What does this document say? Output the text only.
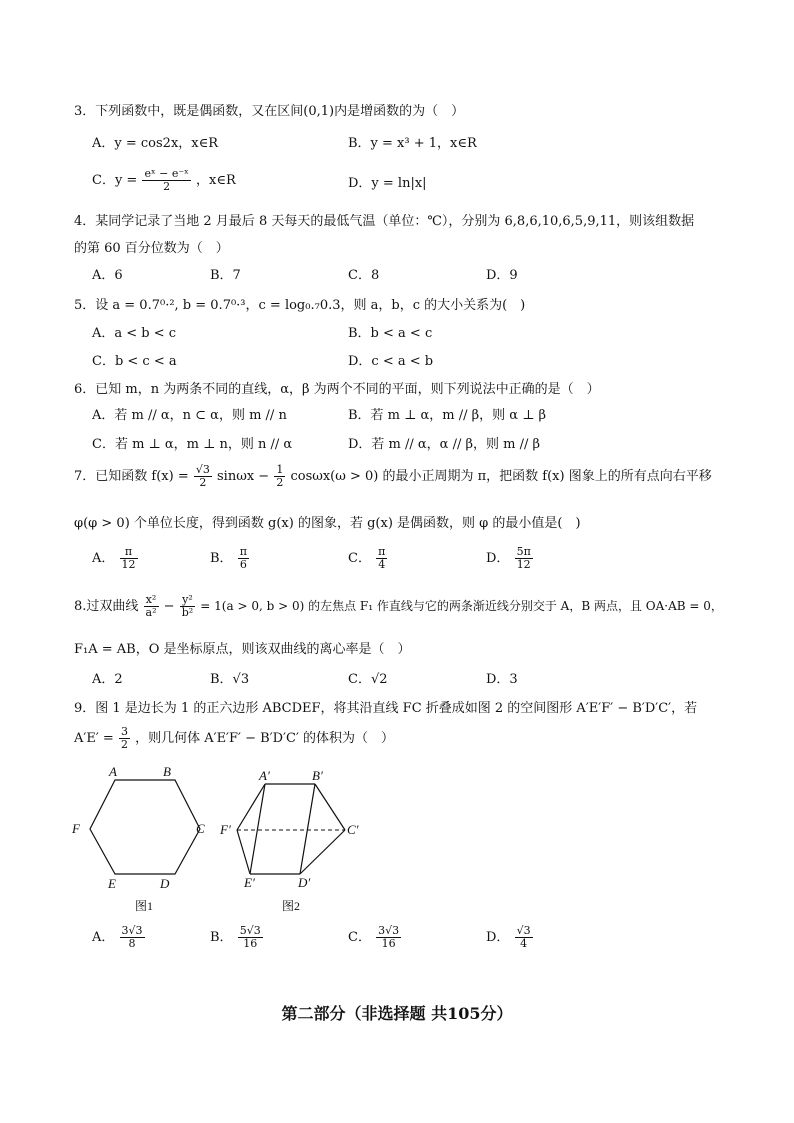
3．下列函数中，既是偶函数，又在区间(0,1)内是增函数的为（　）
A．y = cos2x，x∈R	B．y = x³ + 1，x∈R
C．$y = \frac{\text{eˣ − e⁻ˣ}}{2}$ ，x∈R	D．y = ln|x|
4．某同学记录了当地 2 月最后 8 天每天的最低气温（单位：℃），分别为 6,8,6,10,6,5,9,11，则该组数据
的第 60 百分位数为（　）
A．6	B．7	C．8	D．9
5．设 a = 0.7⁰·², b = 0.7⁰·³，c = log₀.₇0.3，则 a，b，c 的大小关系为(　)
A．a < b < c	B．b < a < c
C．b < c < a	D．c < a < b
6．已知 m，n 为两条不同的直线，α，β 为两个不同的平面，则下列说法中正确的是（　）
A．若 m // α，n ⊂ α，则 m // n	B．若 m ⊥ α，m // β，则 α ⊥ β
C．若 m ⊥ α，m ⊥ n，则 n // α	D．若 m // α，α // β，则 m // β
7．已知函数 $f(x) = \frac{√3}{2}$ $\sin\omega x - \frac{1}{2} \cos\omega x(\omega > 0)$ 的最小正周期为 π，把函数 f(x) 图象上的所有点向右平移
φ(φ > 0) 个单位长度，得到函数 g(x) 的图象，若 g(x) 是偶函数，则 φ 的最小值是(　)
A． $\frac{\pi}{12}$	B． $\frac{\pi}{6}$	C． $\frac{\pi}{4}$	D． $\frac{5\pi}{12}$
8.过双曲线 $\frac{\text{x²}}{\text{a²}} - \frac{\text{y²}}{\text{b²}} = 1(a > 0$, b > 0) 的左焦点 F₁ 作直线与它的两条渐近线分别交于 A，B 两点，且 OA·AB = 0，
F₁A = AB，O 是坐标原点，则该双曲线的离心率是（　）
A．2	B．√3	C．√2	D．3
9．图 1 是边长为 1 的正六边形 ABCDEF，将其沿直线 FC 折叠成如图 2 的空间图形 A′E′F′ − B′D′C′，若
$A'E' = \frac{3}{2}$ ，则几何体 A′E′F′ − B′D′C′ 的体积为（　）
A	B
C
D
E
F
图1
A′	B′
C′
D′
E′
F′
图2
A． $\frac{3√3}{8}$	B． $\frac{5√3}{16}$	C． $\frac{3√3}{16}$	D． $\frac{√3}{4}$
第二部分（非选择题 共105分）
